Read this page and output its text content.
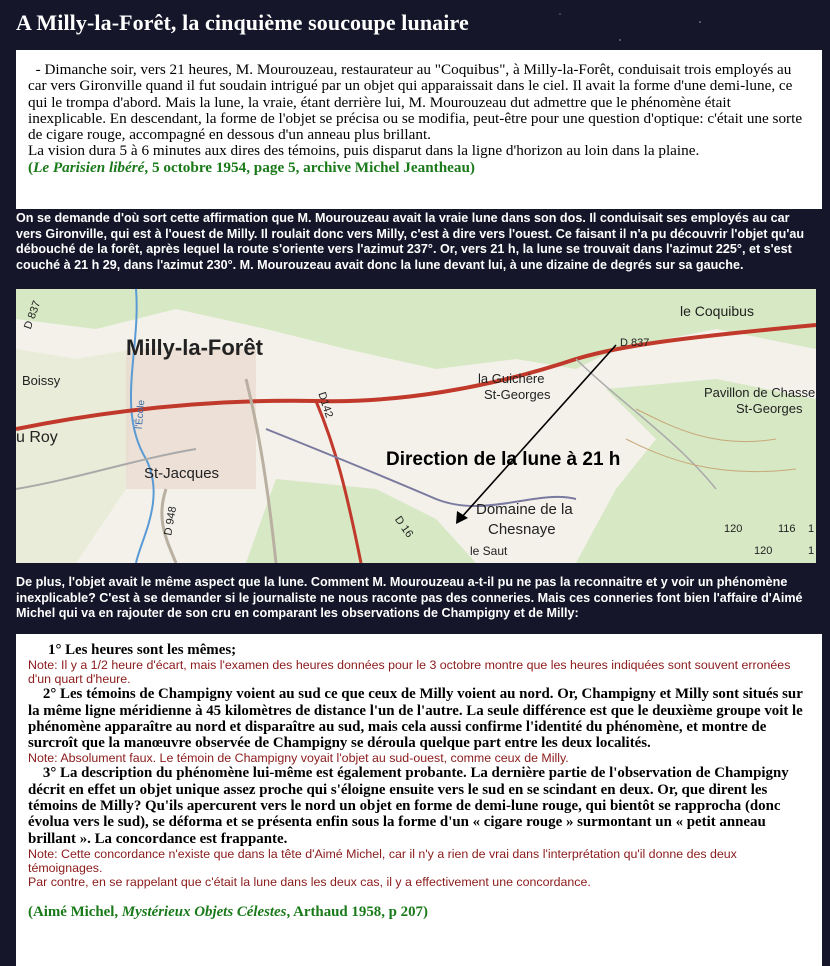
A Milly-la-Forêt, la cinquième soucoupe lunaire

- Dimanche soir, vers 21 heures, M. Mourouzeau, restaurateur au "Coquibus", à Milly-la-Forêt, conduisait trois employés au car vers Gironville quand il fut soudain intrigué par un objet qui apparaissait dans le ciel. Il avait la forme d'une demi-lune, ce qui le trompa d'abord. Mais la lune, la vraie, étant derrière lui, M. Mourouzeau dut admettre que le phénomène était inexplicable. En descendant, la forme de l'objet se précisa ou se modifia, peut-être pour une question d'optique: c'était une sorte de cigare rouge, accompagné en dessous d'un anneau plus brillant.

La vision dura 5 à 6 minutes aux dires des témoins, puis disparut dans la ligne d'horizon au loin dans la plaine.

(Le Parisien libéré, 5 octobre 1954, page 5, archive Michel Jeantheau)

On se demande d'où sort cette affirmation que M. Mourouzeau avait la vraie lune dans son dos. Il conduisait ses employés au car vers Gironville, qui est à l'ouest de Milly. Il roulait donc vers Milly, c'est à dire vers l'ouest. Ce faisant il n'a pu découvrir l'objet qu'au débouché de la forêt, après lequel la route s'oriente vers l'azimut 237°. Or, vers 21 h, la lune se trouvait dans l'azimut 225°, et s'est couché à 21 h 29, dans l'azimut 230°. M. Mourouzeau avait donc la lune devant lui, à une dizaine de degrés sur sa gauche.
Milly-la-Forêt
Boissy
u Roy
St-Jacques
la Guichère
St-Georges
le Coquibus
Pavillon de Chasse
St-Georges
Domaine de la
Chesnaye
le Saut
Direction de la lune à 21 h
D 837
D 837
D142
D 948	D 16	120	116
120
1
1
l'École
De plus, l'objet avait le même aspect que la lune. Comment M. Mourouzeau a-t-il pu ne pas la reconnaitre et y voir un phénomène inexplicable? C'est à se demander si le journaliste ne nous raconte pas des conneries. Mais ces conneries font bien l'affaire d'Aimé Michel qui va en rajouter de son cru en comparant les observations de Champigny et de Milly:

1° Les heures sont les mêmes;

Note: Il y a 1/2 heure d'écart, mais l'examen des heures données pour le 3 octobre montre que les heures indiquées sont souvent erronées d'un quart d'heure.

2° Les témoins de Champigny voient au sud ce que ceux de Milly voient au nord. Or, Champigny et Milly sont situés sur la même ligne méridienne à 45 kilomètres de distance l'un de l'autre. La seule différence est que le deuxième groupe voit le phénomène apparaître au nord et disparaître au sud, mais cela aussi confirme l'identité du phénomène, et montre de surcroît que la manœuvre observée de Champigny se déroula quelque part entre les deux localités.

Note: Absolument faux. Le témoin de Champigny voyait l'objet au sud-ouest, comme ceux de Milly.

3° La description du phénomène lui-même est également probante. La dernière partie de l'observation de Champigny décrit en effet un objet unique assez proche qui s'éloigne ensuite vers le sud en se scindant en deux. Or, que dirent les témoins de Milly? Qu'ils apercurent vers le nord un objet en forme de demi-lune rouge, qui bientôt se rapprocha (donc évolua vers le sud), se déforma et se présenta enfin sous la forme d'un « cigare rouge » surmontant un « petit anneau brillant ». La concordance est frappante.

Note: Cette concordance n'existe que dans la tête d'Aimé Michel, car il n'y a rien de vrai dans l'interprétation qu'il donne des deux témoignages.

Par contre, en se rappelant que c'était la lune dans les deux cas, il y a effectivement une concordance.

(Aimé Michel, Mystérieux Objets Célestes, Arthaud 1958, p 207)
